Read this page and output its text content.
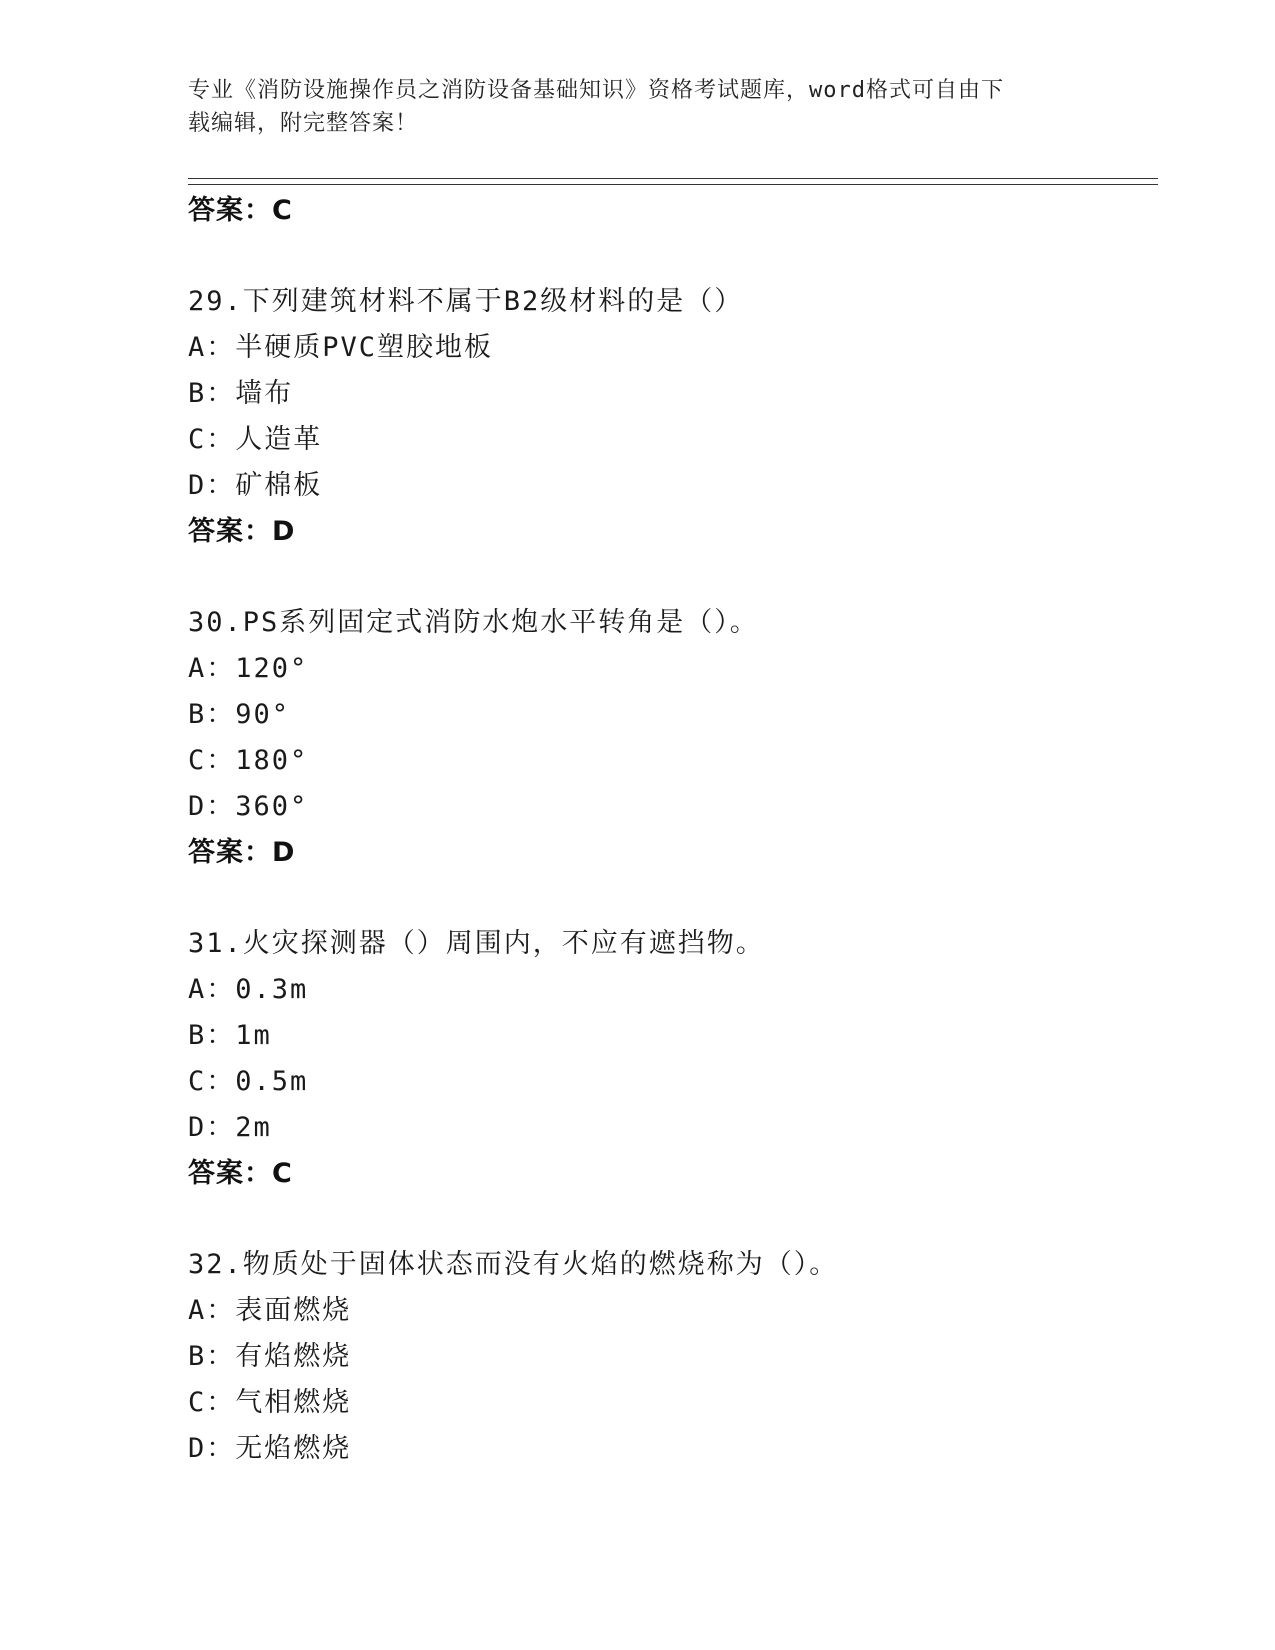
专业《消防设施操作员之消防设备基础知识》资格考试题库，word格式可自由下
载编辑，附完整答案！
答案：C
29.下列建筑材料不属于B2级材料的是（）
A：半硬质PVC塑胶地板
B：墙布
C：人造革
D：矿棉板
答案：D
30.PS系列固定式消防水炮水平转角是（）。
A：120°
B：90°
C：180°
D：360°
答案：D
31.火灾探测器（）周围内，不应有遮挡物。
A：0.3m
B：1m
C：0.5m
D：2m
答案：C
32.物质处于固体状态而没有火焰的燃烧称为（）。
A：表面燃烧
B：有焰燃烧
C：气相燃烧
D：无焰燃烧
